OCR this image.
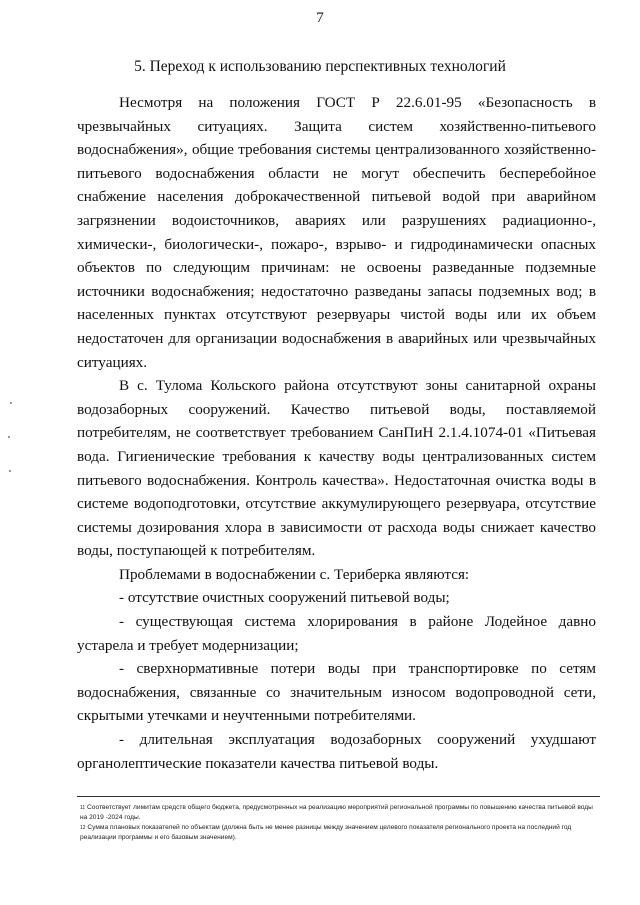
7
5. Переход к использованию перспективных технологий

Несмотря на положения ГОСТ Р 22.6.01-95 «Безопасность в чрезвычайных ситуациях. Защита систем хозяйственно-питьевого водоснабжения», общие требования системы централизованного хозяйственно-питьевого водоснабжения области не могут обеспечить бесперебойное снабжение населения доброкачественной питьевой водой при аварийном загрязнении водоисточников, авариях или разрушениях радиационно-, химически-, биологически-, пожаро-, взрыво- и гидродинамически опасных объектов по следующим причинам: не освоены разведанные подземные источники водоснабжения; недостаточно разведаны запасы подземных вод; в населенных пунктах отсутствуют резервуары чистой воды или их объем недостаточен для организации водоснабжения в аварийных или чрезвычайных ситуациях.

В с. Тулома Кольского района отсутствуют зоны санитарной охраны водозаборных сооружений. Качество питьевой воды, поставляемой потребителям, не соответствует требованием СанПиН 2.1.4.1074-01 «Питьевая вода. Гигиенические требования к качеству воды централизованных систем питьевого водоснабжения. Контроль качества». Недостаточная очистка воды в системе водоподготовки, отсутствие аккумулирующего резервуара, отсутствие системы дозирования хлора в зависимости от расхода воды снижает качество воды, поступающей к потребителям.

Проблемами в водоснабжении с. Териберка являются:

- отсутствие очистных сооружений питьевой воды;

- существующая система хлорирования в районе Лодейное давно устарела и требует модернизации;

- сверхнормативные потери воды при транспортировке по сетям водоснабжения, связанные со значительным износом водопроводной сети, скрытыми утечками и неучтенными потребителями.

- длительная эксплуатация водозаборных сооружений ухудшают органолептические показатели качества питьевой воды.

$^{11}$ Соответствует лимитам средств общего бюджета, предусмотренных на реализацию мероприятий региональной программы по повышению качества питьевой воды на 2019 -2024 годы.

$^{12}$ Сумма плановых показателей по объектам (должна быть не менее разницы между значением целевого показателя регионального проекта на последний год реализации программы и его базовым значением).
